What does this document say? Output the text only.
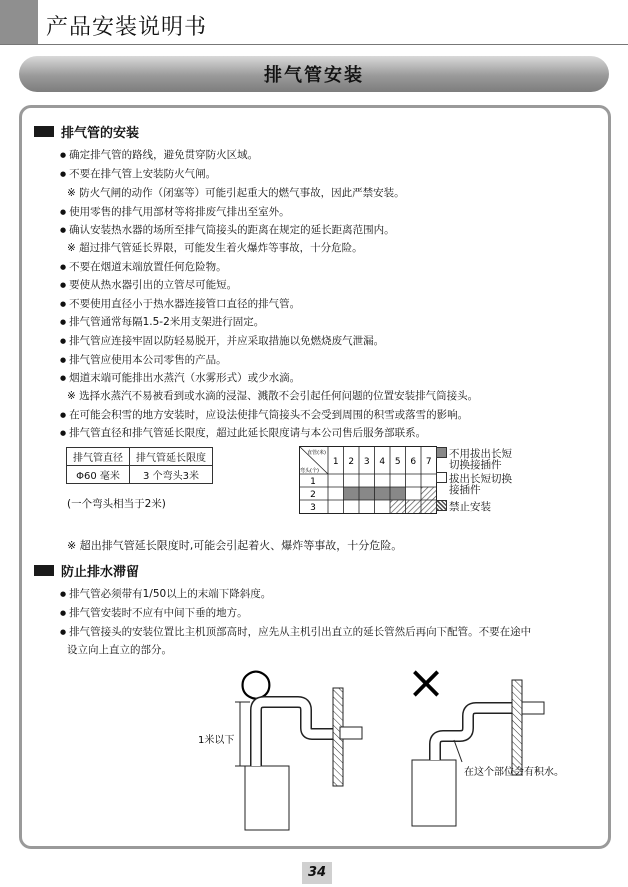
产品安装说明书
排气管安装
排气管的安装
● 确定排气管的路线，避免贯穿防火区域。
● 不要在排气管上安装防火气闸。
※ 防火气闸的动作（闭塞等）可能引起重大的燃气事故，因此严禁安装。
● 使用零售的排气用部材等将排废气排出至室外。
● 确认安装热水器的场所至排气筒接头的距离在规定的延长距离范围内。
※ 超过排气管延长界限，可能发生着火爆炸等事故，十分危险。
● 不要在烟道末端放置任何危险物。
● 要使从热水器引出的立管尽可能短。
● 不要使用直径小于热水器连接管口直径的排气管。
● 排气管通常每隔1.5-2米用支架进行固定。
● 排气管应连接牢固以防轻易脱开，并应采取措施以免燃烧废气泄漏。
● 排气管应使用本公司零售的产品。
● 烟道末端可能排出水蒸汽（水雾形式）或少水滴。
※ 选择水蒸汽不易被看到或水滴的浸湿、溅散不会引起任何问题的位置安装排气筒接头。
● 在可能会积雪的地方安装时，应设法使排气筒接头不会受到周围的积雪或落雪的影响。
● 排气管直径和排气管延长限度，超过此延长限度请与本公司售后服务部联系。
排气管直径	排气管延长限度
Φ60 毫米	3 个弯头3米
(一个弯头相当于2米)
直管(米)
弯头(个)
1 2 3 4 5 6 7
1
2
3
不用拔出长短
切换接插件
拔出长短切换
接插件
禁止安装
※ 超出排气管延长限度时,可能会引起着火、爆炸等事故，十分危险。
防止排水滞留
● 排气管必须带有1/50以上的末端下降斜度。
● 排气管安装时不应有中间下垂的地方。
● 排气管接头的安装位置比主机顶部高时，应先从主机引出直立的延长管然后再向下配管。不要在途中
设立向上直立的部分。
○
1米以下
×
在这个部位会有积水。
34
